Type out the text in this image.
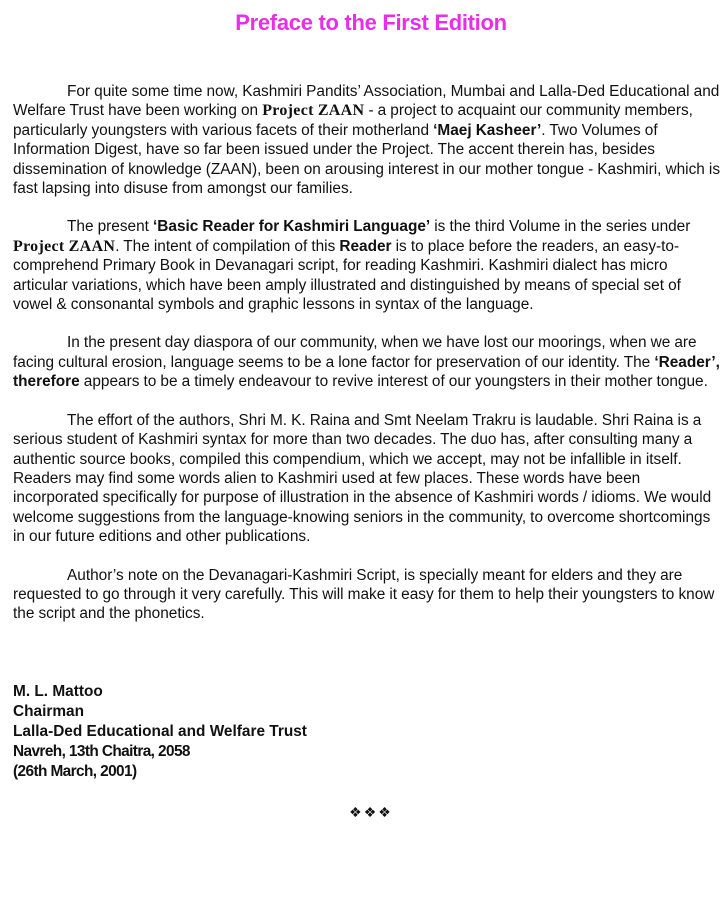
Preface to the First Edition

For quite some time now, Kashmiri Pandits’ Association, Mumbai and Lalla-Ded Educational and Welfare Trust have been working on Project ZAAN - a project to acquaint our community members, particularly youngsters with various facets of their motherland ‘Maej Kasheer’. Two Volumes of Information Digest, have so far been issued under the Project. The accent therein has, besides dissemination of knowledge (ZAAN), been on arousing interest in our mother tongue - Kashmiri, which is fast lapsing into disuse from amongst our families.

The present ‘Basic Reader for Kashmiri Language’ is the third Volume in the series under Project ZAAN. The intent of compilation of this Reader is to place before the readers, an easy-to-comprehend Primary Book in Devanagari script, for reading Kashmiri. Kashmiri dialect has micro articular variations, which have been amply illustrated and distinguished by means of special set of vowel & consonantal symbols and graphic lessons in syntax of the language.

In the present day diaspora of our community, when we have lost our moorings, when we are facing cultural erosion, language seems to be a lone factor for preservation of our identity. The ‘Reader’, therefore appears to be a timely endeavour to revive interest of our youngsters in their mother tongue.

The effort of the authors, Shri M. K. Raina and Smt Neelam Trakru is laudable. Shri Raina is a serious student of Kashmiri syntax for more than two decades. The duo has, after consulting many a authentic source books, compiled this compendium, which we accept, may not be infallible in itself. Readers may find some words alien to Kashmiri used at few places. These words have been incorporated specifically for purpose of illustration in the absence of Kashmiri words / idioms. We would welcome suggestions from the language-knowing seniors in the community, to overcome shortcomings in our future editions and other publications.

Author’s note on the Devanagari-Kashmiri Script, is specially meant for elders and they are requested to go through it very carefully. This will make it easy for them to help their youngsters to know the script and the phonetics.

M. L. Mattoo
Chairman
Lalla-Ded Educational and Welfare Trust
Navreh, 13th Chaitra, 2058
(26th March, 2001)
❖❖❖
